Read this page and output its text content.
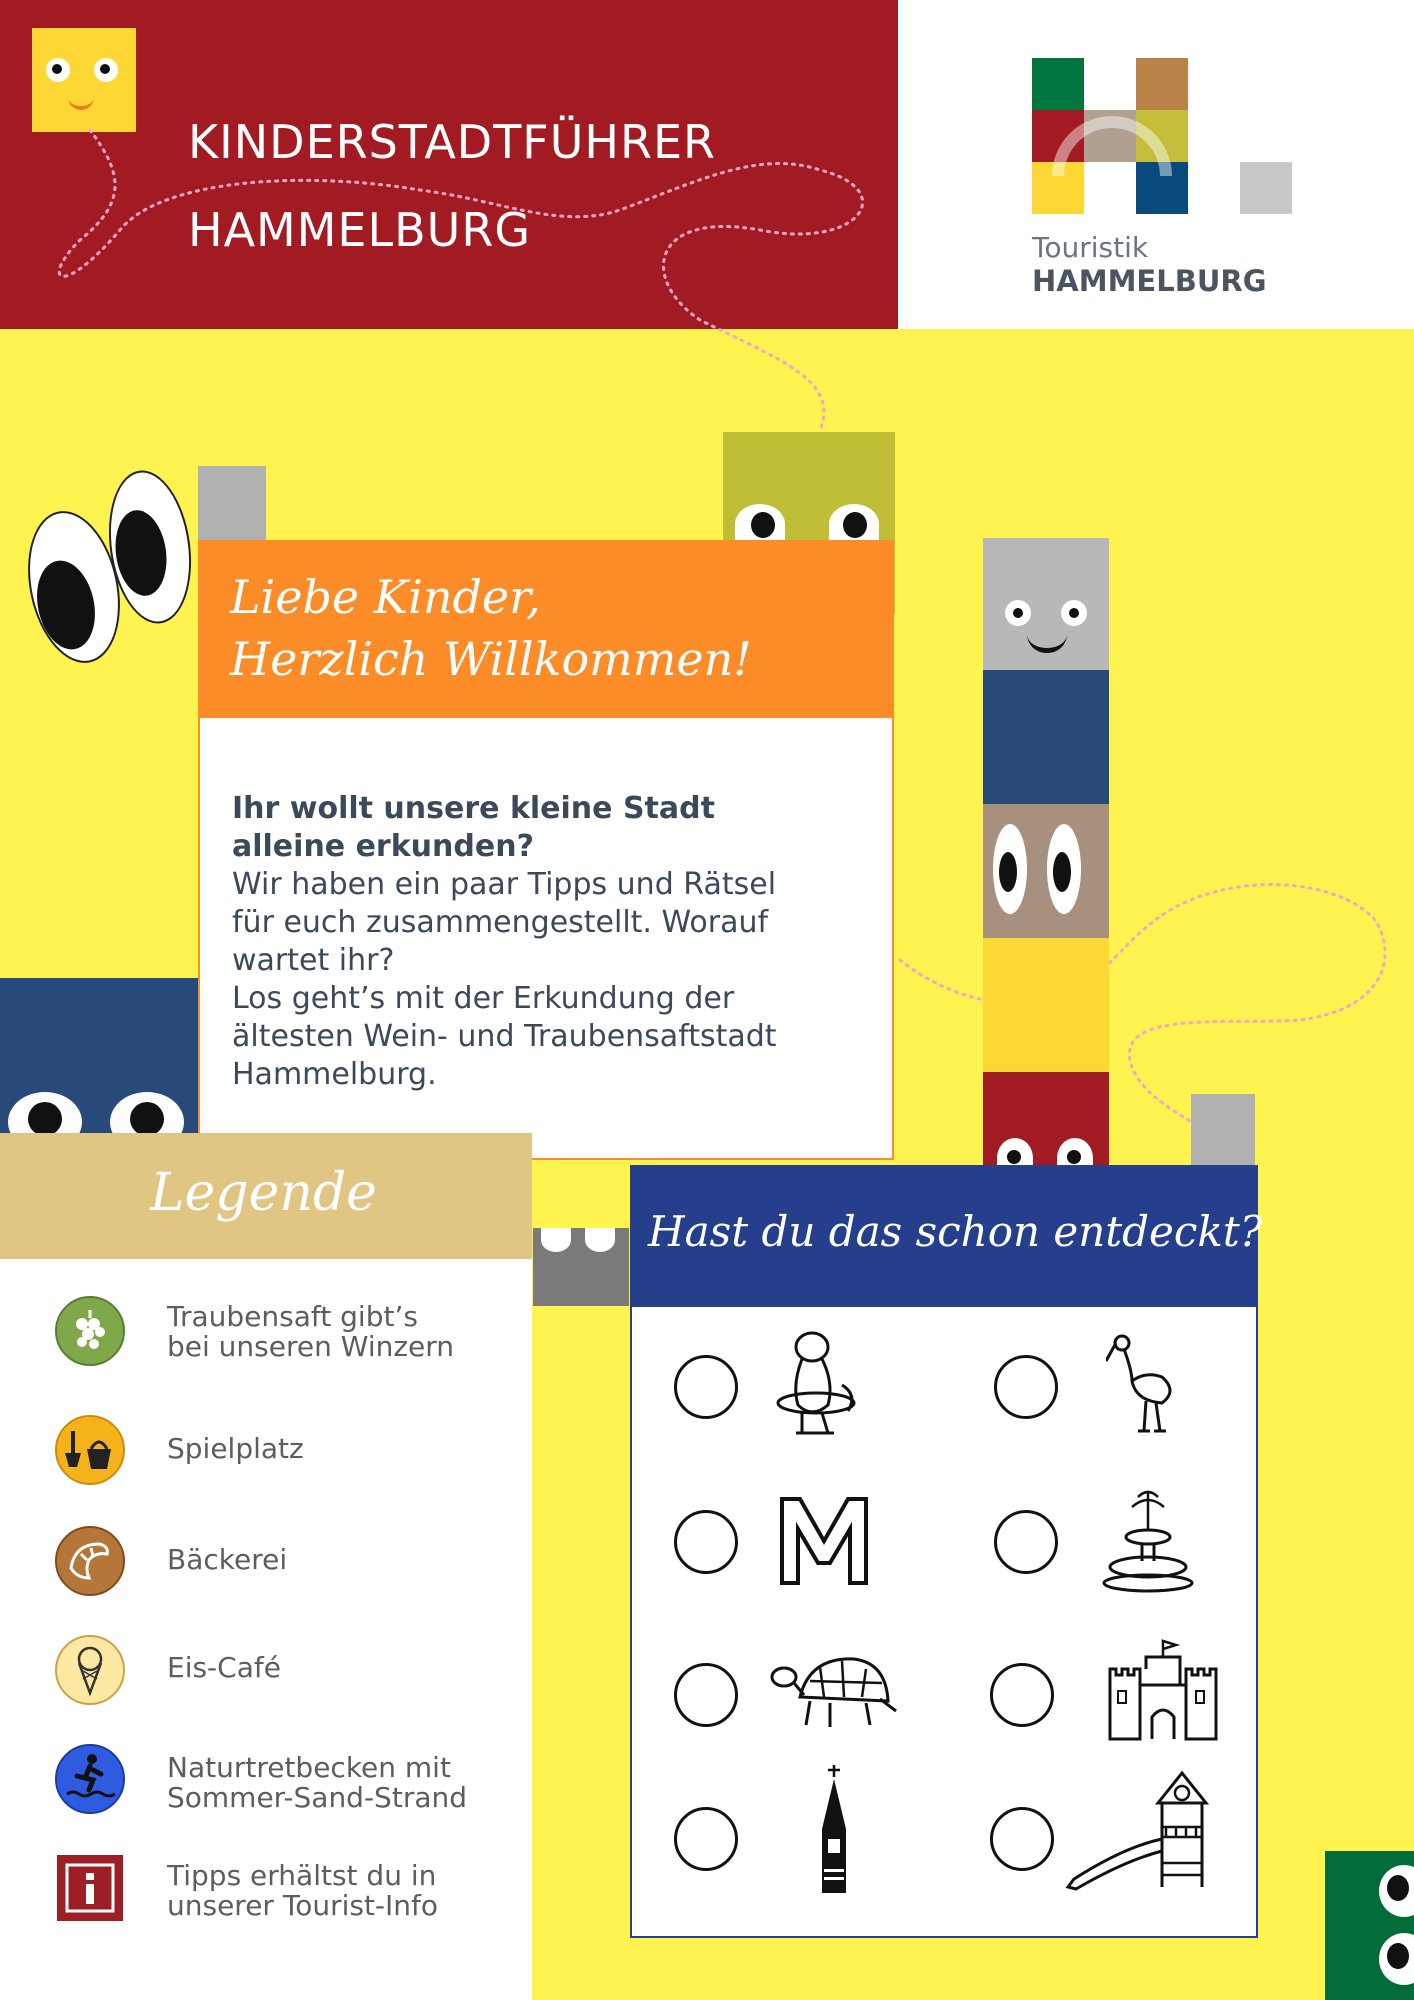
KINDERSTADTFÜHRER
HAMMELBURG	Touristik
HAMMELBURG
Liebe Kinder,
Herzlich Willkommen!
Ihr wollt unsere kleine Stadt alleine erkunden?
Wir haben ein paar Tipps und Rätsel für euch zusammengestellt. Worauf wartet ihr?
Los geht’s mit der Erkundung der ältesten Wein- und Traubensaftstadt Hammelburg.
Legende
Traubensaft gibt’s
bei unseren Winzern
Spielplatz
Bäckerei
Eis-Café
Naturtretbecken mit
Sommer-Sand-Strand
Tipps erhältst du in
unserer Tourist-Info
Hast du das schon entdeckt?
